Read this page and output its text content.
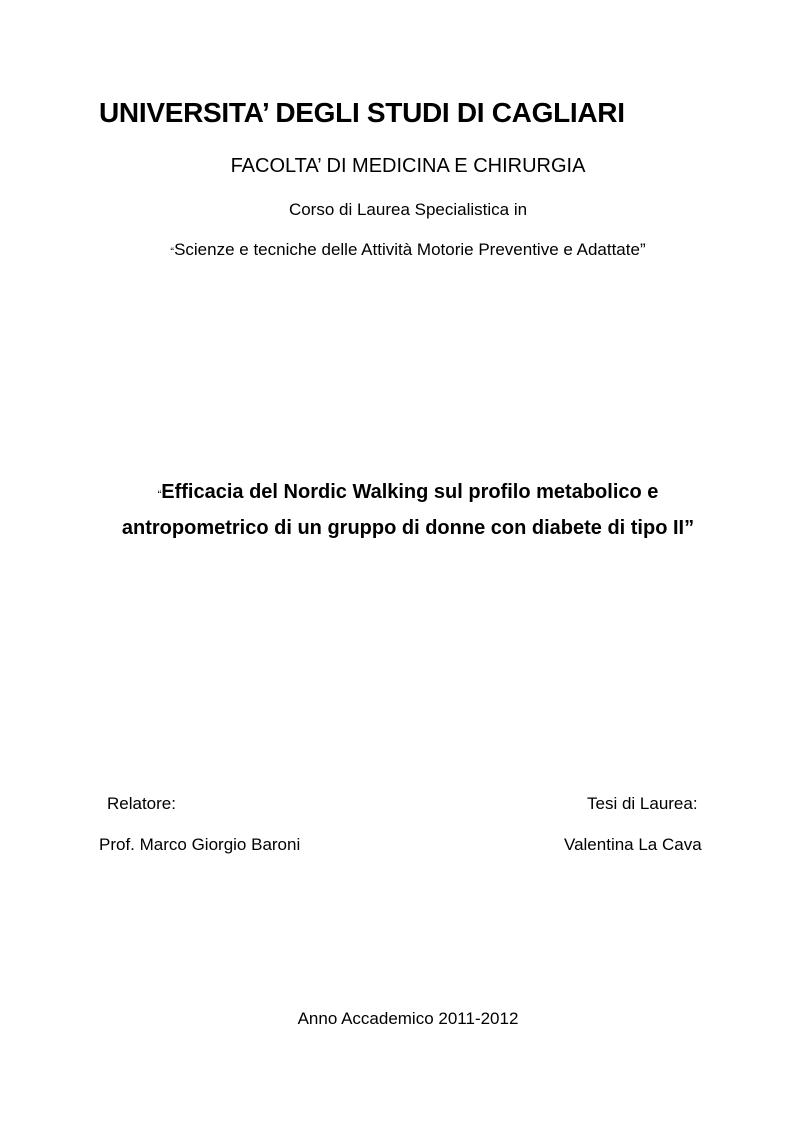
UNIVERSITA’ DEGLI STUDI DI CAGLIARI
FACOLTA’ DI MEDICINA E CHIRURGIA
Corso di Laurea Specialistica in
“Scienze e tecniche delle Attività Motorie Preventive e Adattate”
“Efficacia del Nordic Walking sul profilo metabolico e
antropometrico di un gruppo di donne con diabete di tipo II”
Relatore:
Prof. Marco Giorgio Baroni
Tesi di Laurea:
Valentina La Cava
Anno Accademico 2011-2012
